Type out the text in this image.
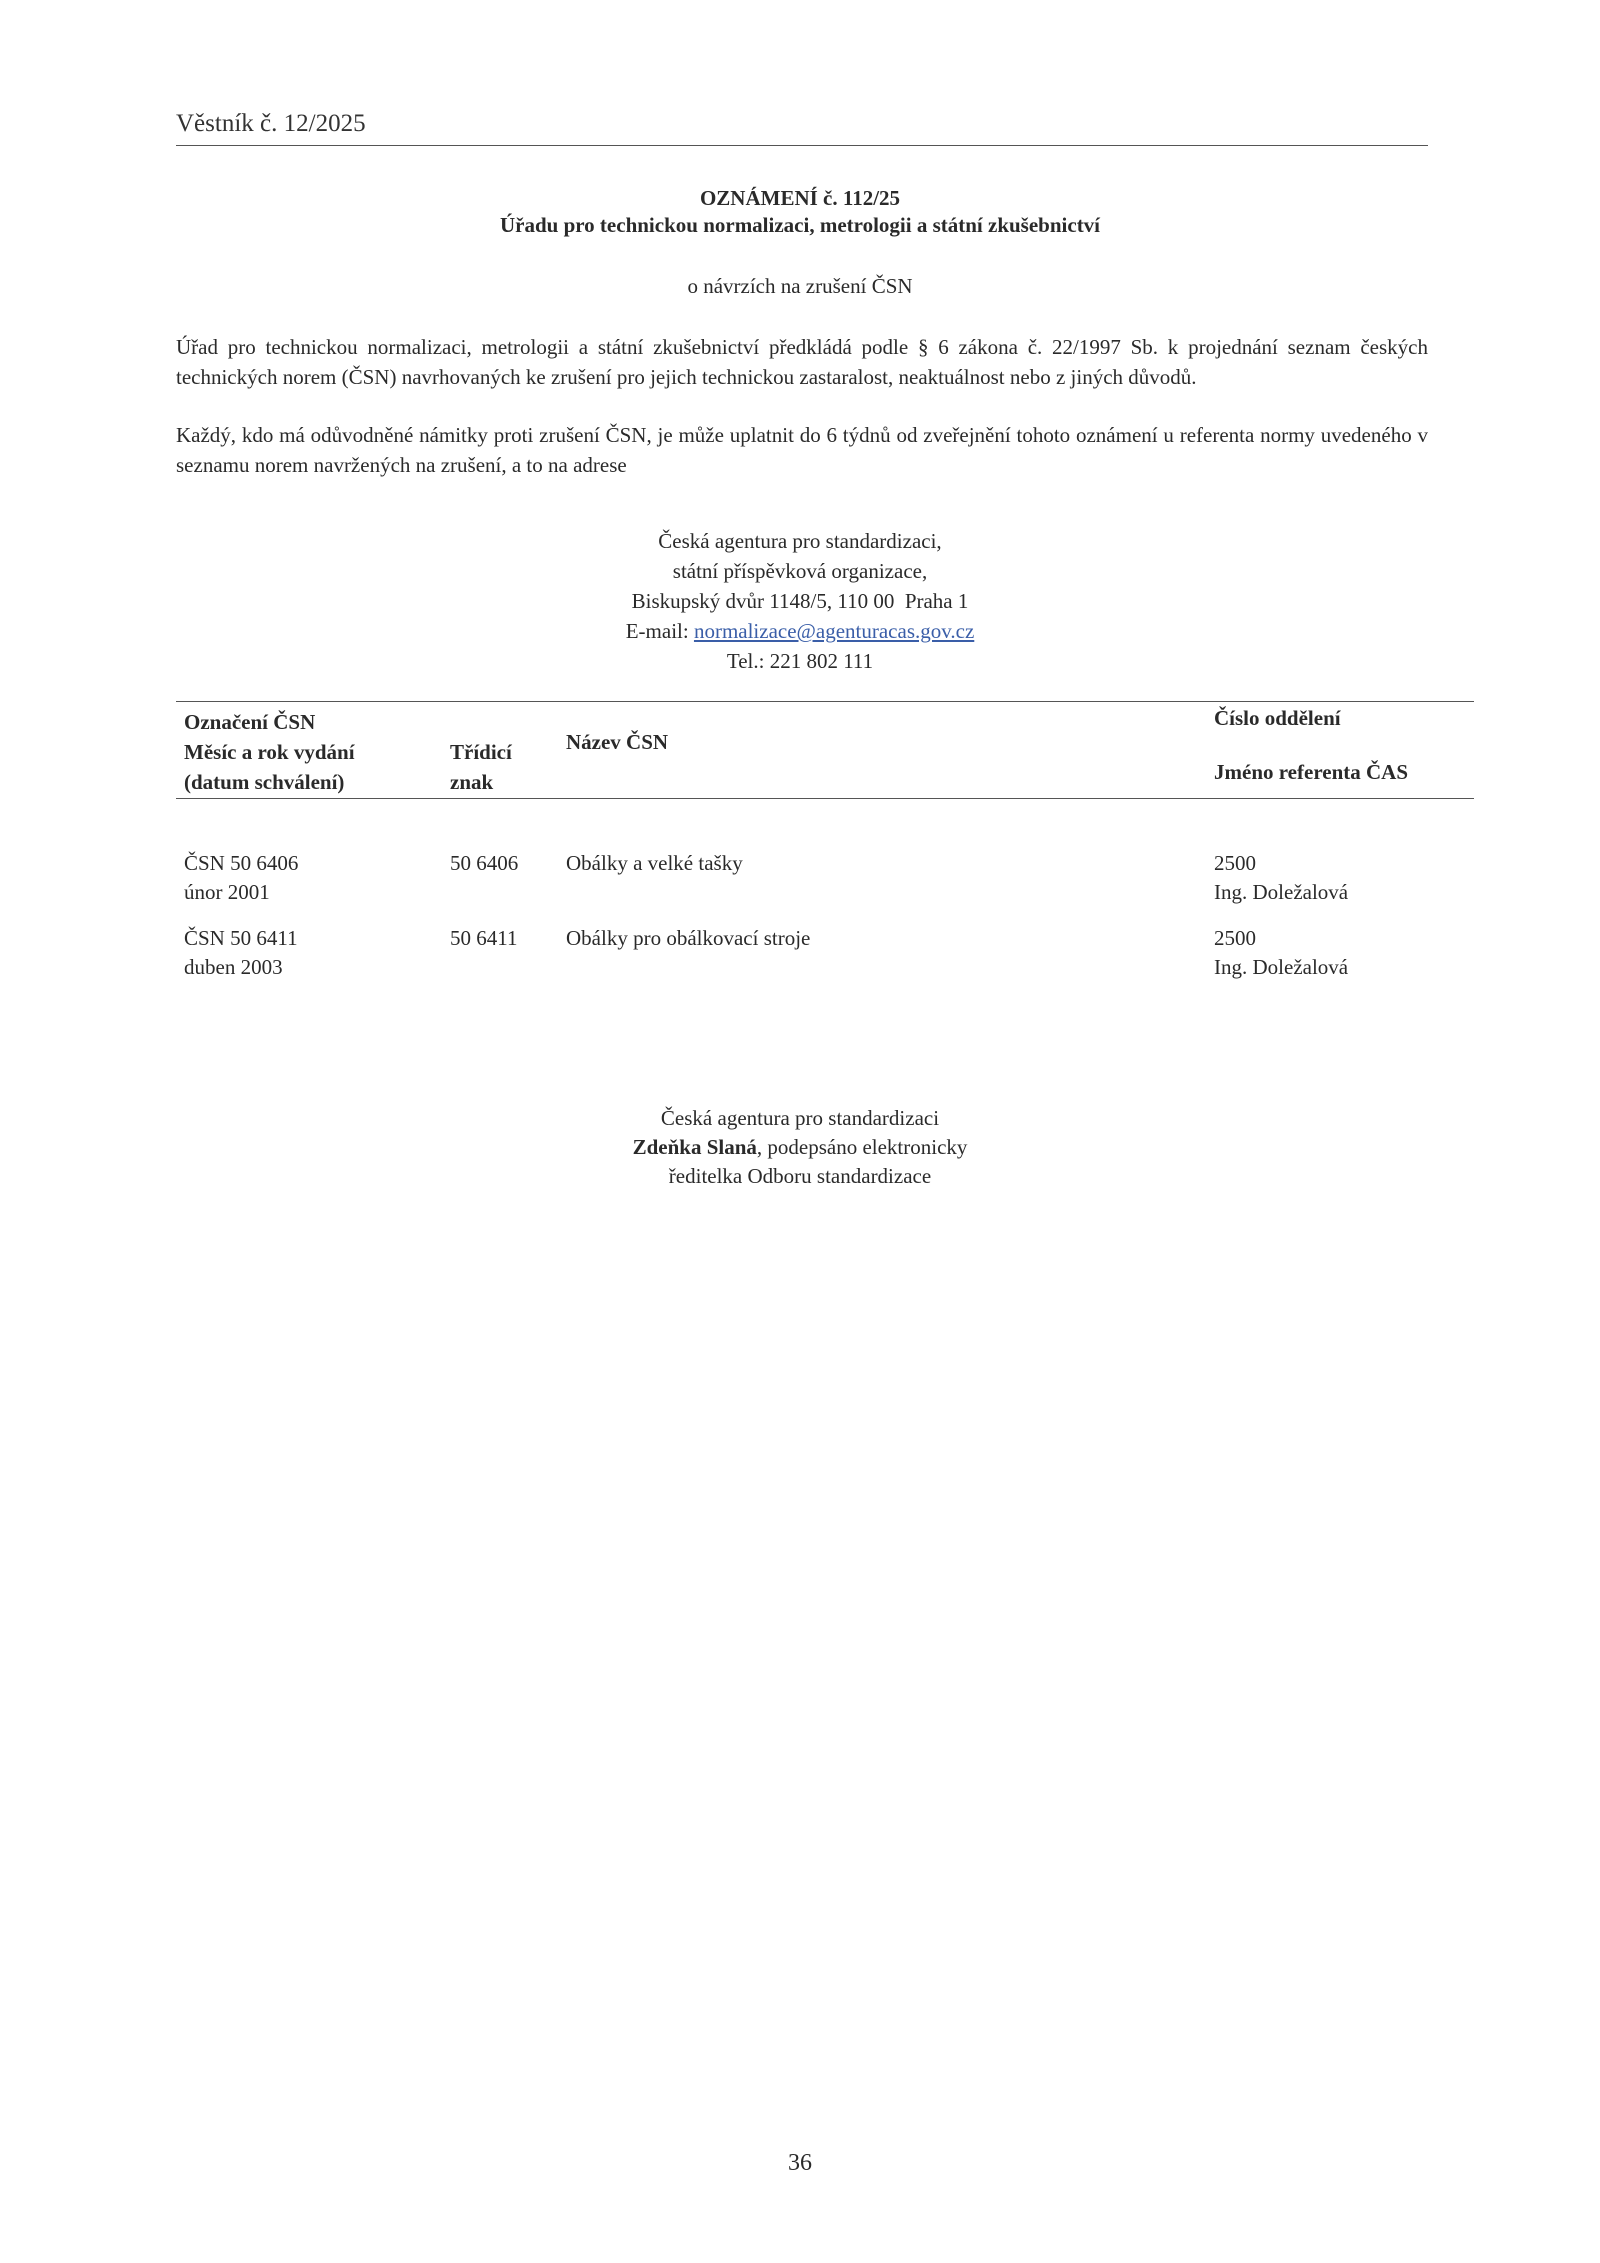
Věstník č. 12/2025
OZNÁMENÍ č. 112/25
Úřadu pro technickou normalizaci, metrologii a státní zkušebnictví
o návrzích na zrušení ČSN
Úřad pro technickou normalizaci, metrologii a státní zkušebnictví předkládá podle § 6 zákona č. 22/1997 Sb. k projednání seznam českých technických norem (ČSN) navrhovaných ke zrušení pro jejich technickou zastaralost, neaktuálnost nebo z jiných důvodů.
Každý, kdo má odůvodněné námitky proti zrušení ČSN, je může uplatnit do 6 týdnů od zveřejnění tohoto oznámení u referenta normy uvedeného v seznamu norem navržených na zrušení, a to na adrese
Česká agentura pro standardizaci,
státní příspěvková organizace,
Biskupský dvůr 1148/5, 110 00  Praha 1
E-mail: normalizace@agenturacas.gov.cz
Tel.: 221 802 111
Označení ČSN
Měsíc a rok vydání
(datum schválení)
Třídicí
znak
Název ČSN
Číslo oddělení
Jméno referenta ČAS
ČSN 50 6406
únor 2001
50 6406 Obálky a velké tašky	2500
Ing. Doležalová
ČSN 50 6411
duben 2003
50 6411 Obálky pro obálkovací stroje	2500
Ing. Doležalová
Česká agentura pro standardizaci
Zdeňka Slaná, podepsáno elektronicky
ředitelka Odboru standardizace
36
